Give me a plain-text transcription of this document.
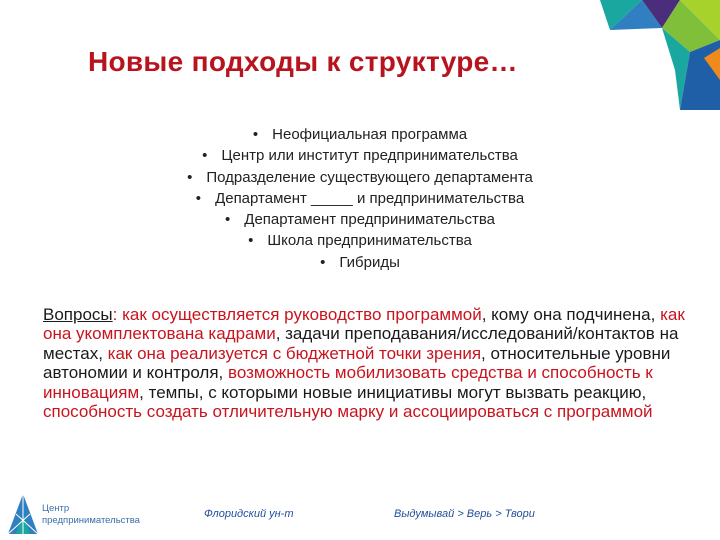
Новые подходы к структуре…
• Неофициальная программа
• Центр или институт предпринимательства
• Подразделение существующего департамента
• Департамент _____ и предпринимательства
• Департамент предпринимательства
• Школа предпринимательства
• Гибриды

Вопросы: как осуществляется руководство программой, кому она подчинена, как она укомплектована кадрами, задачи преподавания/исследований/контактов на местах, как она реализуется с бюджетной точки зрения, относительные уровни автономии и контроля, возможность мобилизовать средства и способность к инновациям, темпы, с которыми новые инициативы могут вызвать реакцию, способность создать отличительную марку и ассоциироваться с программой

Центр
предпринимательства
Флоридский ун-т	Выдумывай > Верь > Твори
